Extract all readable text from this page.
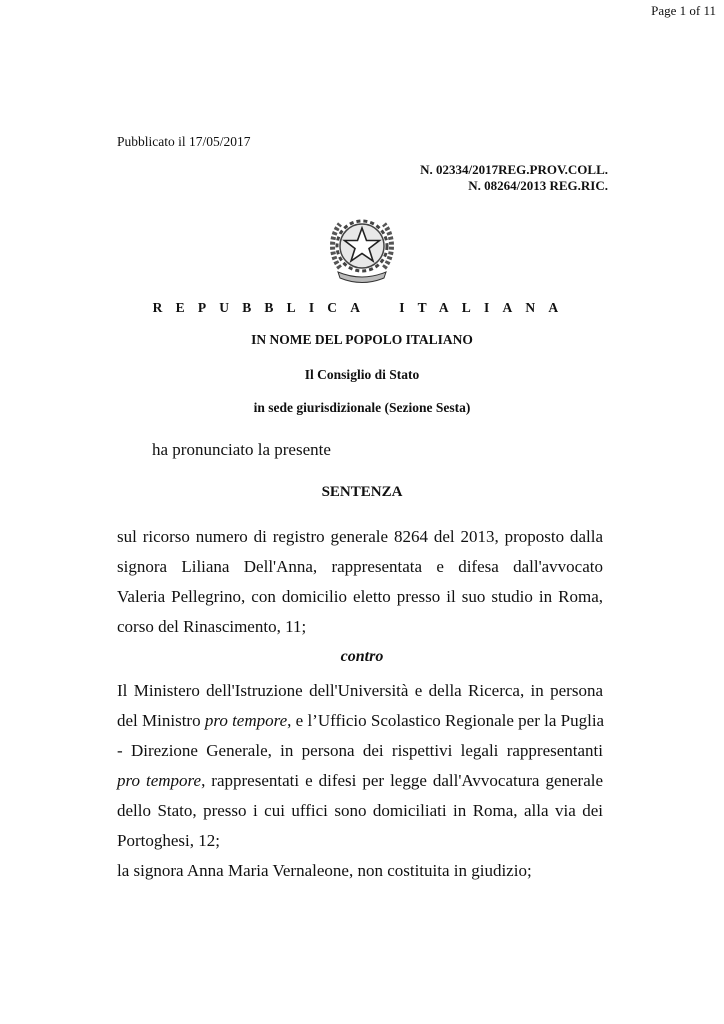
Page 1 of 11
Pubblicato il 17/05/2017
N. 02334/2017REG.PROV.COLL.
N. 08264/2013 REG.RIC.
REPUBBLICA ITALIANA
IN NOME DEL POPOLO ITALIANO
Il Consiglio di Stato
in sede giurisdizionale (Sezione Sesta)
ha pronunciato la presente
SENTENZA
sul ricorso numero di registro generale 8264 del 2013, proposto dalla
signora Liliana Dell'Anna, rappresentata e difesa dall'avvocato
Valeria Pellegrino, con domicilio eletto presso il suo studio in Roma,
corso del Rinascimento, 11;
contro
Il Ministero dell'Istruzione dell'Università e della Ricerca, in persona
del Ministro pro tempore, e l’Ufficio Scolastico Regionale per la Puglia
- Direzione Generale, in persona dei rispettivi legali rappresentanti
pro tempore, rappresentati e difesi per legge dall'Avvocatura generale
dello Stato, presso i cui uffici sono domiciliati in Roma, alla via dei
Portoghesi, 12;
la signora Anna Maria Vernaleone, non costituita in giudizio;
